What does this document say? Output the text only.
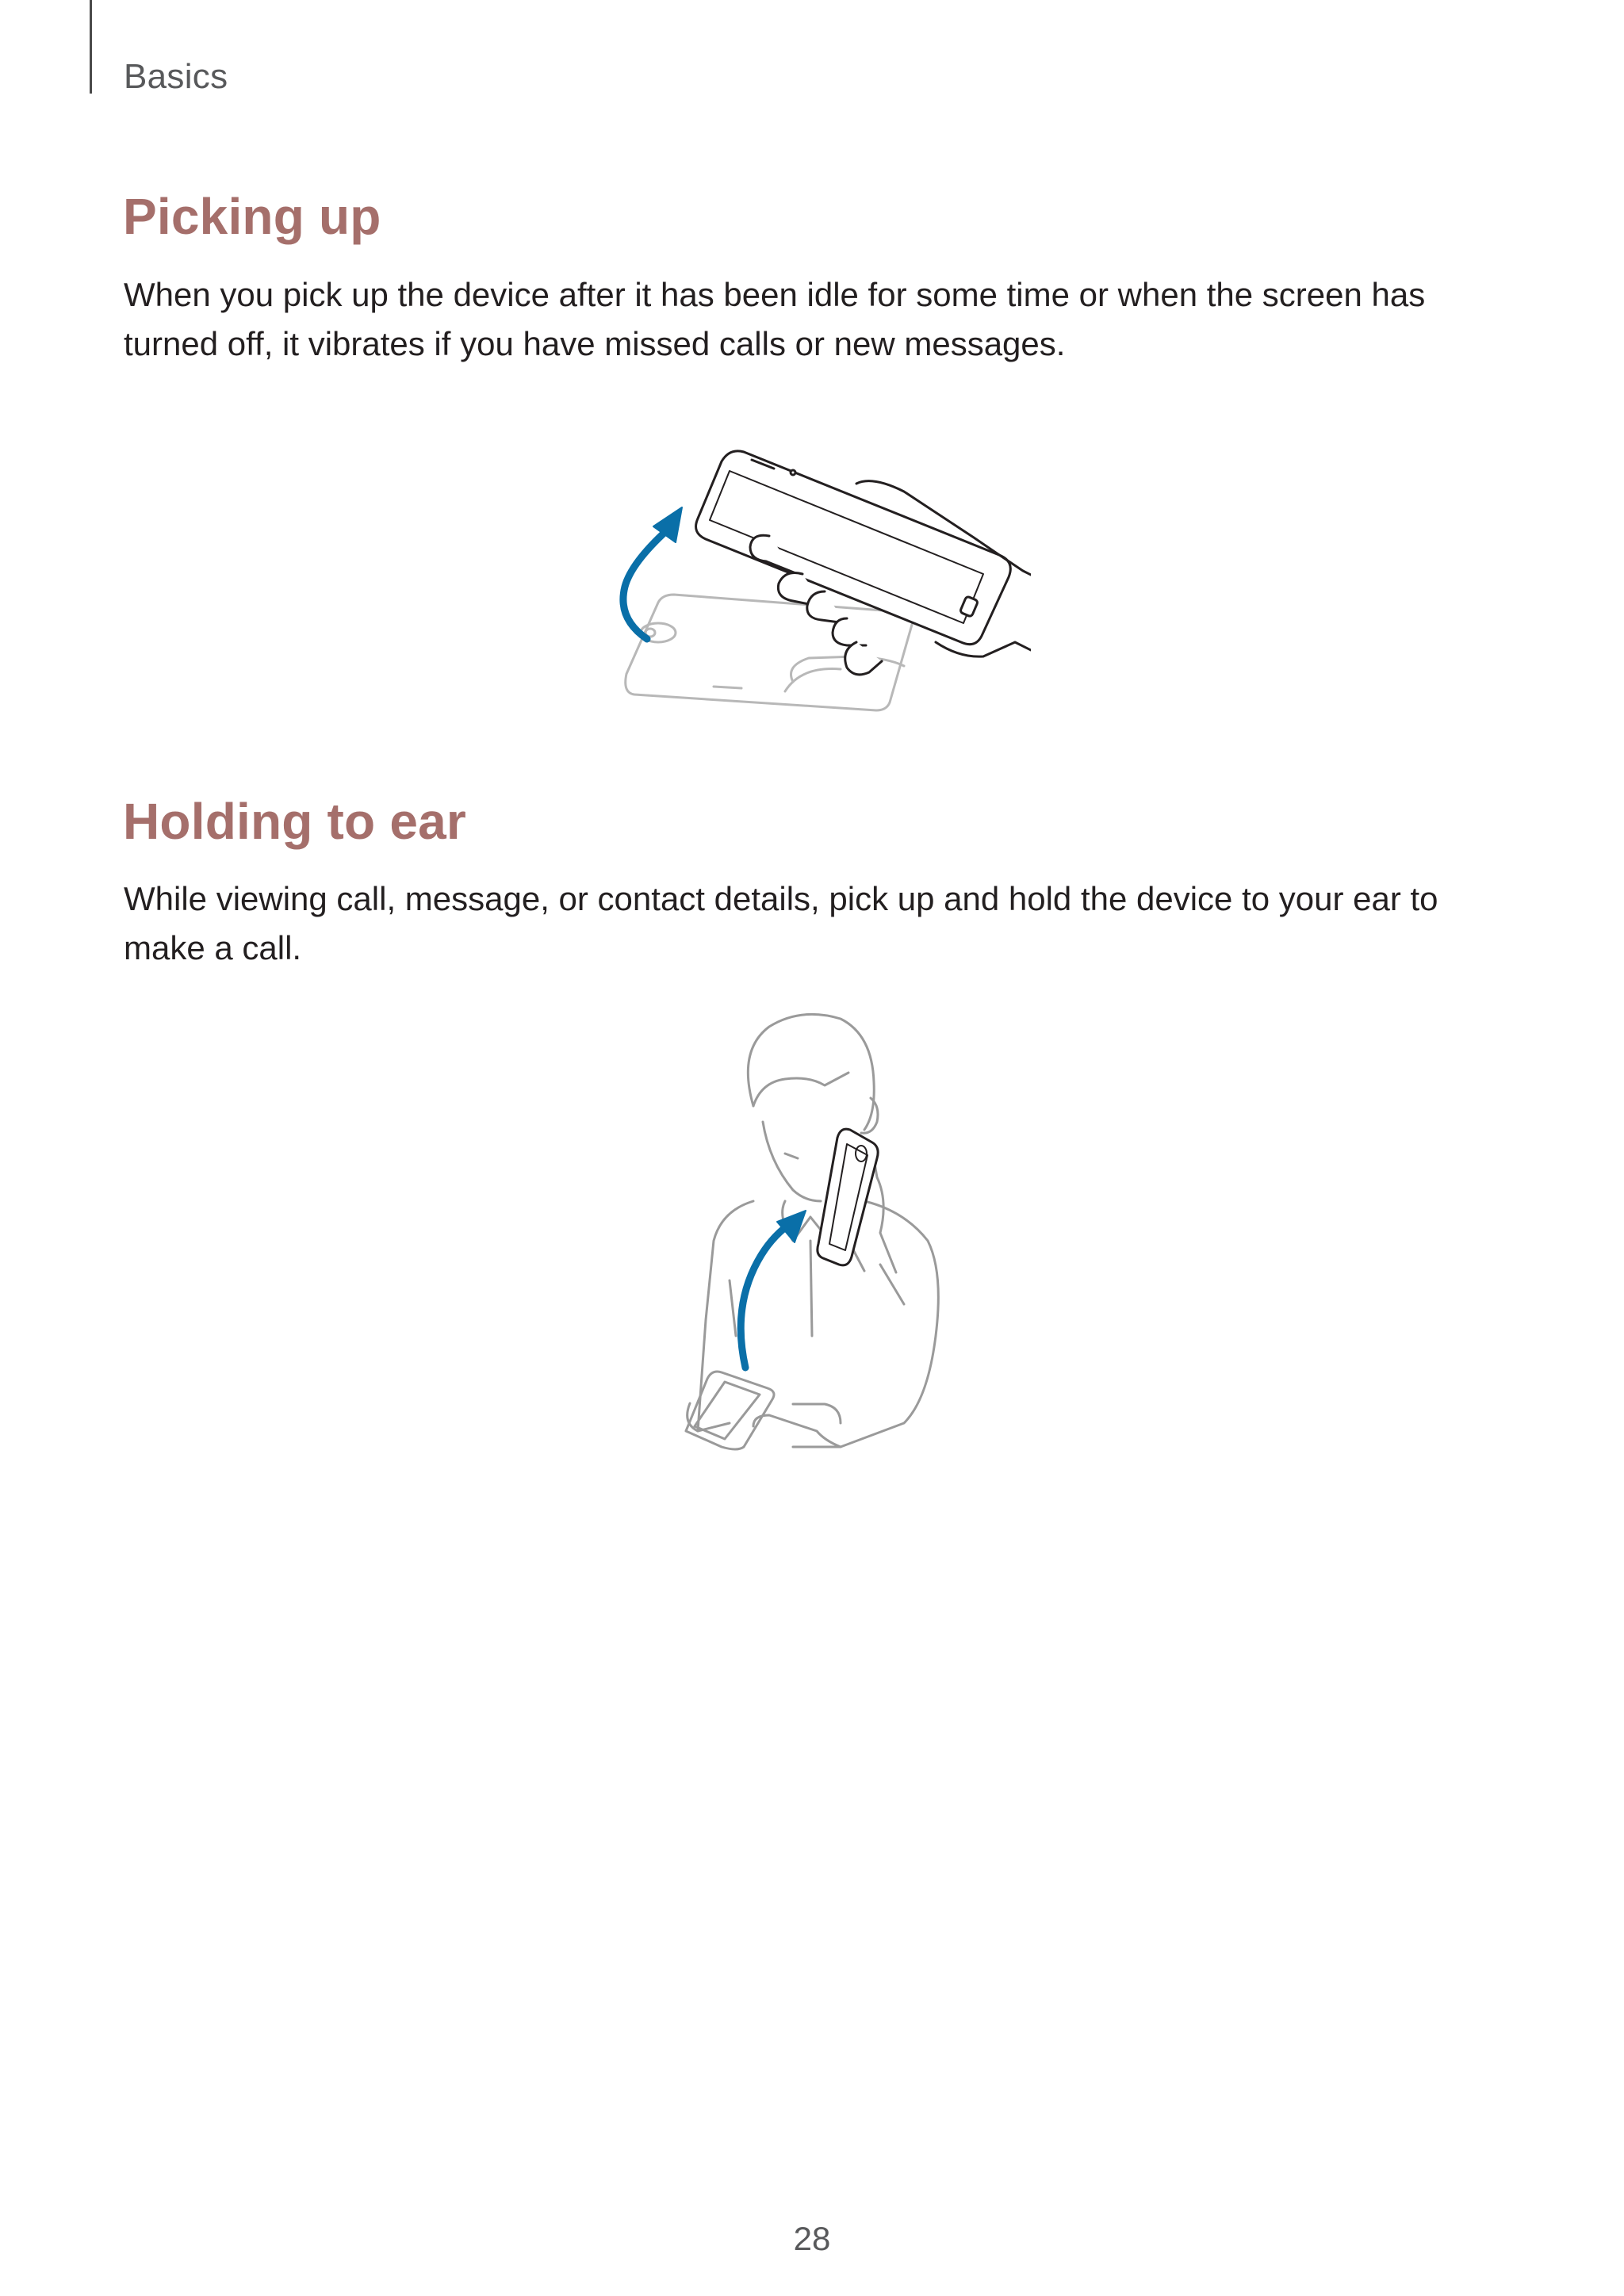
Basics
Picking up

When you pick up the device after it has been idle for some time or when the screen has turned off, it vibrates if you have missed calls or new messages.

Holding to ear

While viewing call, message, or contact details, pick up and hold the device to your ear to make a call.

28
